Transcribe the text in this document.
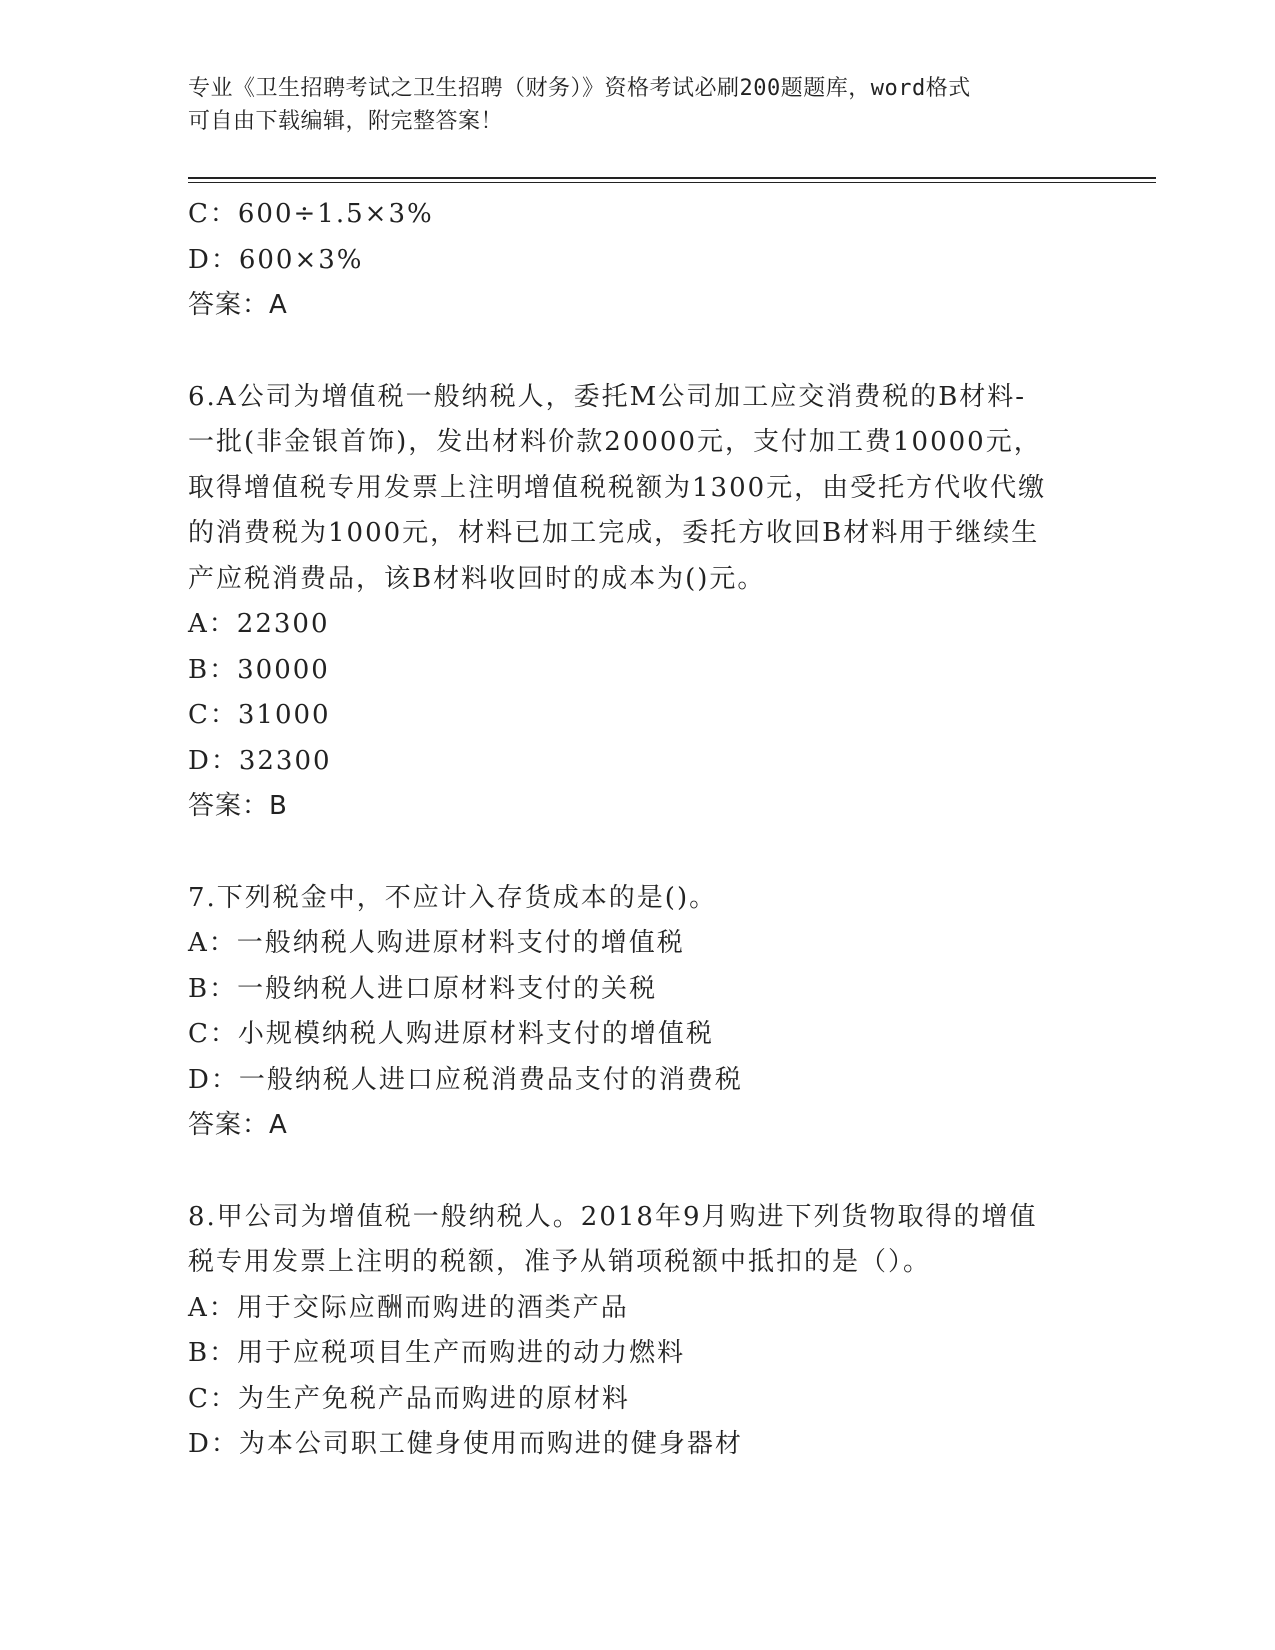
专业《卫生招聘考试之卫生招聘（财务）》资格考试必刷200题题库，word格式
可自由下载编辑，附完整答案！
C：600÷1.5×3%
D：600×3%
答案：A
6.A公司为增值税一般纳税人，委托M公司加工应交消费税的B材料-
一批(非金银首饰)，发出材料价款20000元，支付加工费10000元，
取得增值税专用发票上注明增值税税额为1300元，由受托方代收代缴
的消费税为1000元，材料已加工完成，委托方收回B材料用于继续生
产应税消费品，该B材料收回时的成本为()元。
A：22300
B：30000
C：31000
D：32300
答案：B
7.下列税金中，不应计入存货成本的是()。
A：一般纳税人购进原材料支付的增值税
B：一般纳税人进口原材料支付的关税
C：小规模纳税人购进原材料支付的增值税
D：一般纳税人进口应税消费品支付的消费税
答案：A
8.甲公司为增值税一般纳税人。2018年9月购进下列货物取得的增值
税专用发票上注明的税额，准予从销项税额中抵扣的是（）。
A：用于交际应酬而购进的酒类产品
B：用于应税项目生产而购进的动力燃料
C：为生产免税产品而购进的原材料
D：为本公司职工健身使用而购进的健身器材
